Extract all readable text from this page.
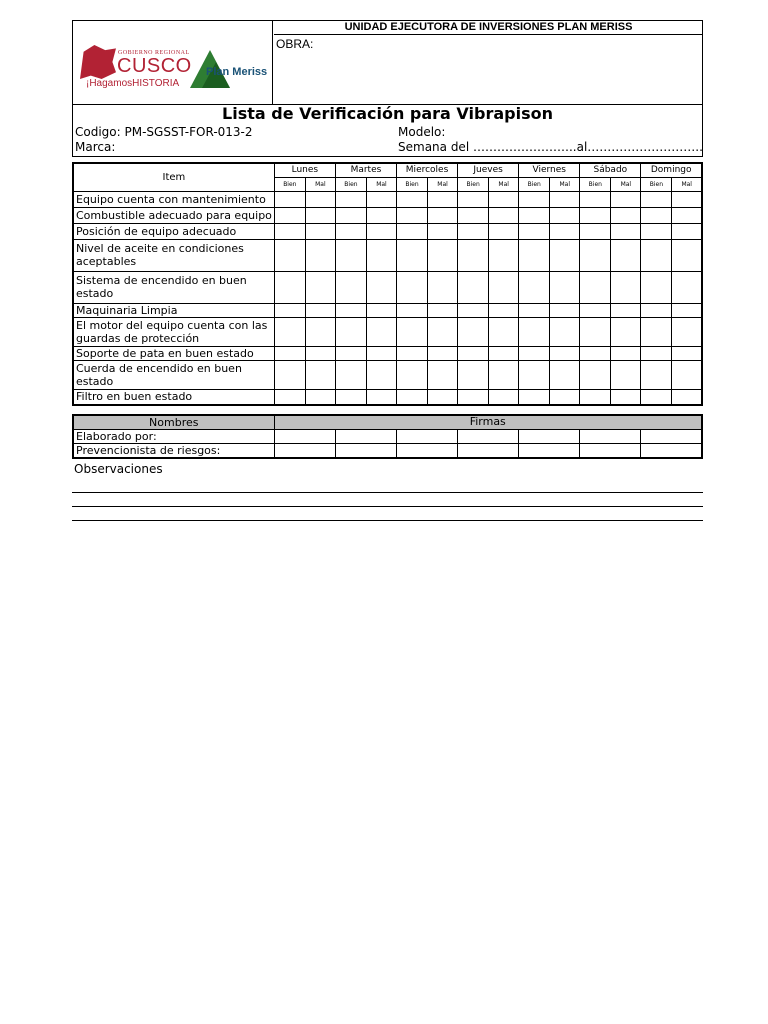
GOBIERNO REGIONAL
CUSCO
¡HagamosHISTORIA
Plan Meriss
UNIDAD EJECUTORA DE INVERSIONES PLAN MERISS
OBRA:
Lista de Verificación para Vibrapison
Codigo: PM-SGSST-FOR-013-2
Marca:
Modelo:
Semana del ……………………..al………………………..
Item	Lunes		Martes		Miercoles		Jueves		Viernes		Sábado		Domingo	
	Bien	Mal	Bien	Mal	Bien	Mal	Bien	Mal	Bien	Mal	Bien	Mal	Bien	Mal
Equipo cuenta con mantenimiento														
Combustible adecuado para equipo														
Posición de equipo adecuado														
Nivel de aceite en condiciones aceptables														
Sistema de encendido en buen estado														
Maquinaria Limpia														
El motor del equipo cuenta con las guardas de protección														
Soporte de pata en buen estado														
Cuerda de encendido en buen estado														
Filtro en buen estado														
Nombres	Firmas						
Elaborado por:							
Prevencionista de riesgos:							
Observaciones
